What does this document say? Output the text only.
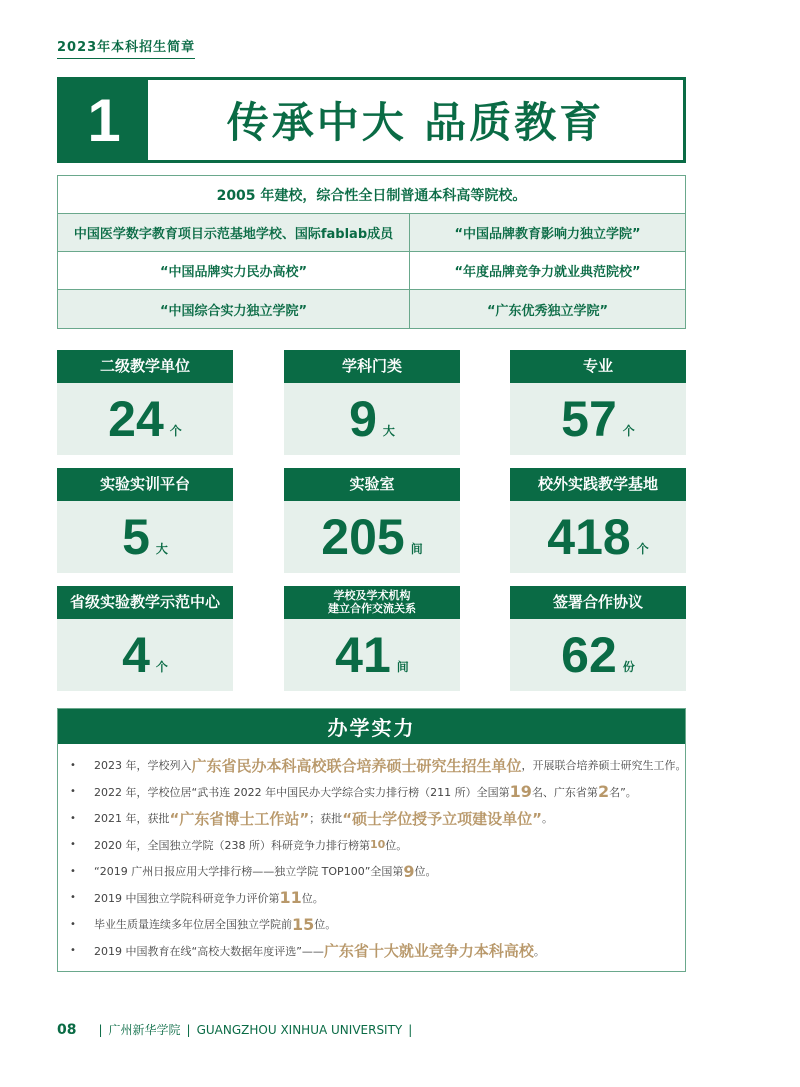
2023年本科招生简章
1	传承中大 品质教育
2005 年建校，综合性全日制普通本科高等院校。
中国医学数字教育项目示范基地学校、国际fablab成员	“中国品牌教育影响力独立学院”
“中国品牌实力民办高校”	“年度品牌竞争力就业典范院校”
“中国综合实力独立学院”	“广东优秀独立学院”
二级教学单位
24 个
学科门类
9 大
专业
57 个
实验实训平台
5 大
实验室
205 间
校外实践教学基地
418 个
省级实验教学示范中心
4 个
学校及学术机构
建立合作交流关系
41 间
签署合作协议
62 份
办学实力
• 2023 年，学校列入 广东省民办本科高校联合培养硕士研究生招生单位 ，开展联合培养硕士研究生工作。
• 2022 年，学校位居“武书连 2022 年中国民办大学综合实力排行榜（211 所）全国第 19 名、广东省第 2 名”。
• 2021 年，获批 “广东省博士工作站” ；获批 “硕士学位授予立项建设单位” 。
• 2020 年，全国独立学院（238 所）科研竞争力排行榜第 10 位。
• “2019 广州日报应用大学排行榜——独立学院 TOP100”全国第 9 位。
• 2019 中国独立学院科研竞争力评价第 11 位。
• 毕业生质量连续多年位居全国独立学院前 15 位。
• 2019 中国教育在线“高校大数据年度评选”—— 广东省十大就业竞争力本科高校 。
08 | 广州新华学院 | GUANGZHOU XINHUA UNIVERSITY |
